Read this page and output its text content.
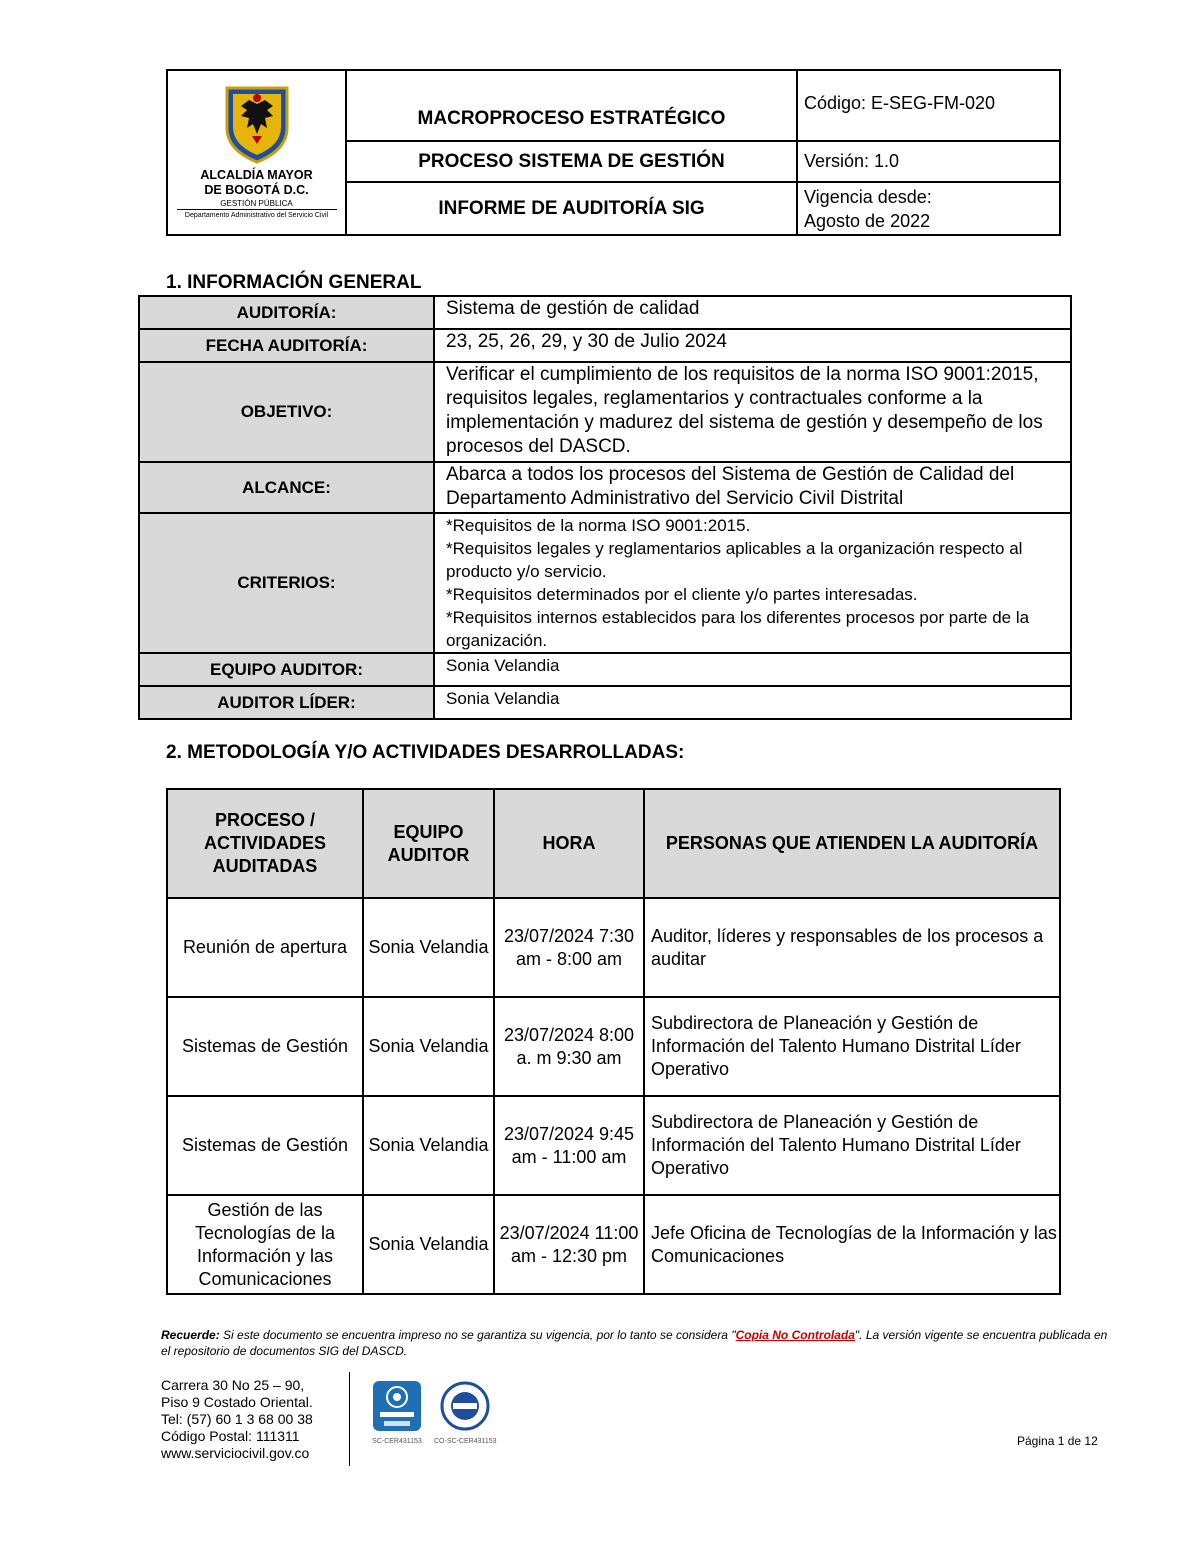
ALCALDÍA MAYOR
DE BOGOTÁ D.C.
GESTIÓN PÚBLICA
Departamento Administrativo del Servicio Civil	MACROPROCESO ESTRATÉGICO	Código: E-SEG-FM-020
	PROCESO SISTEMA DE GESTIÓN	Versión: 1.0
	INFORME DE AUDITORÍA SIG	Vigencia desde:
Agosto de 2022
1. INFORMACIÓN GENERAL
AUDITORÍA:	Sistema de gestión de calidad
FECHA AUDITORÍA:	23, 25, 26, 29, y 30 de Julio 2024
OBJETIVO:	Verificar el cumplimiento de los requisitos de la norma ISO 9001:2015, requisitos legales, reglamentarios y contractuales conforme a la implementación y madurez del sistema de gestión y desempeño de los procesos del DASCD.
ALCANCE:	Abarca a todos los procesos del Sistema de Gestión de Calidad del Departamento Administrativo del Servicio Civil Distrital
CRITERIOS:	*Requisitos de la norma ISO 9001:2015.
*Requisitos legales y reglamentarios aplicables a la organización respecto al producto y/o servicio.
*Requisitos determinados por el cliente y/o partes interesadas.
*Requisitos internos establecidos para los diferentes procesos por parte de la organización.

EQUIPO AUDITOR:	Sonia Velandia
AUDITOR LÍDER:	Sonia Velandia
2. METODOLOGÍA Y/O ACTIVIDADES DESARROLLADAS:
PROCESO / ACTIVIDADES AUDITADAS	EQUIPO AUDITOR	HORA	PERSONAS QUE ATIENDEN LA AUDITORÍA
Reunión de apertura	Sonia Velandia	23/07/2024 7:30 am - 8:00 am	Auditor, líderes y responsables de los procesos a auditar
Sistemas de Gestión	Sonia Velandia	23/07/2024 8:00 a. m 9:30 am	Subdirectora de Planeación y Gestión de Información del Talento Humano Distrital Líder Operativo
Sistemas de Gestión	Sonia Velandia	23/07/2024 9:45 am - 11:00 am	Subdirectora de Planeación y Gestión de Información del Talento Humano Distrital Líder Operativo
Gestión de las Tecnologías de la Información y las Comunicaciones	Sonia Velandia	23/07/2024 11:00 am - 12:30 pm	Jefe Oficina de Tecnologías de la Información y las Comunicaciones
Recuerde: Si este documento se encuentra impreso no se garantiza su vigencia, por lo tanto se considera "Copia No Controlada". La versión vigente se encuentra publicada en el repositorio de documentos SIG del DASCD.
Carrera 30 No 25 – 90,
Piso 9 Costado Oriental.
Tel: (57) 60 1 3 68 00 38
Código Postal: 111311
www.serviciocivil.gov.co
SC-CER431153 CO-SC-CER431153	Página 1 de 12
